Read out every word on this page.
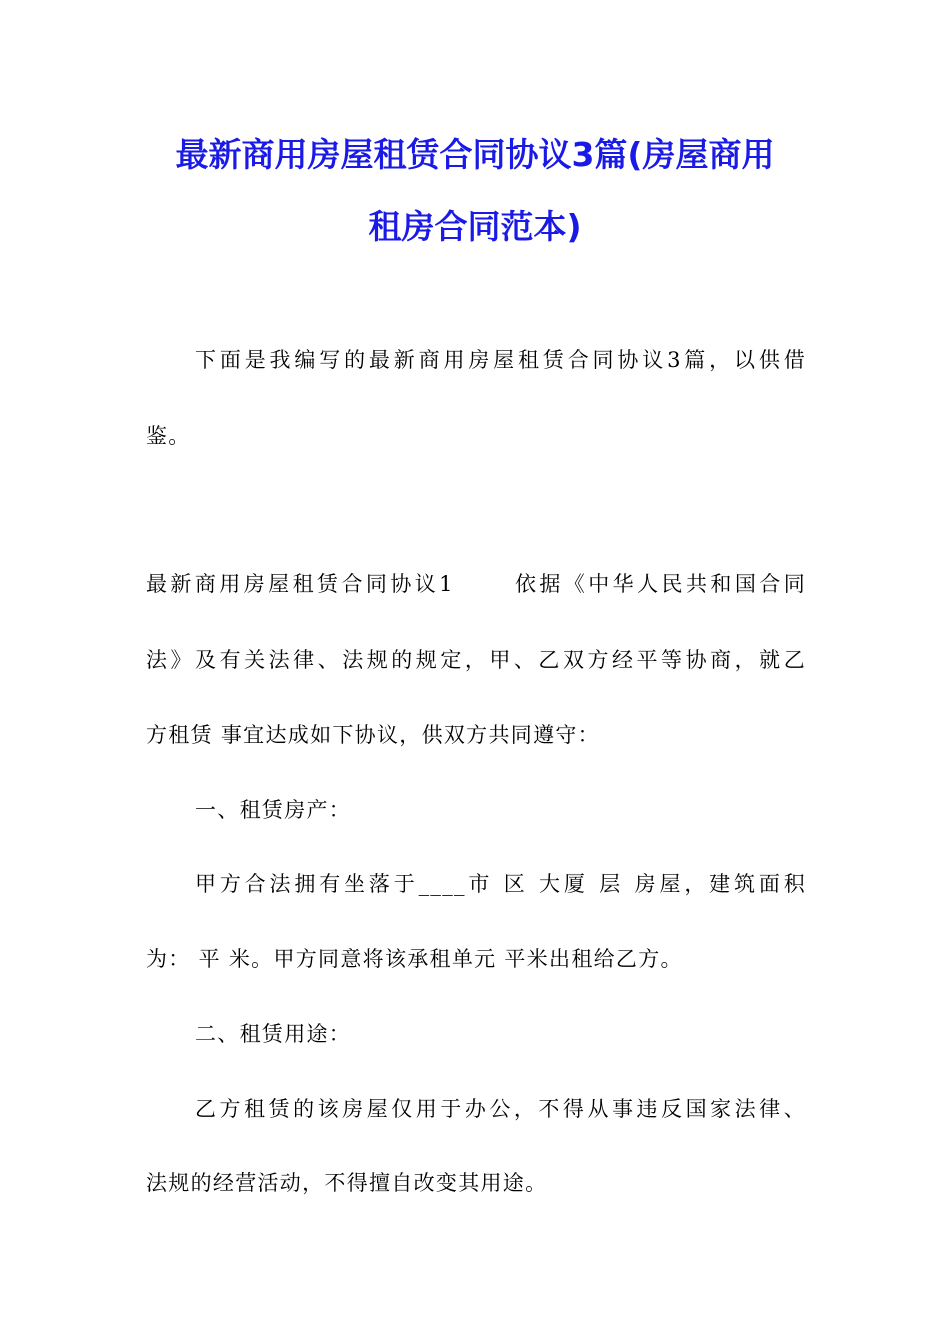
最新商用房屋租赁合同协议3篇(房屋商用
租房合同范本)

下面是我编写的最新商用房屋租赁合同协议3篇，以供借

鉴。

最新商用房屋租赁合同协议1　　 依据《中华人民共和国合同

法》及有关法律、法规的规定，甲、乙双方经平等协商，就乙

方租赁 事宜达成如下协议，供双方共同遵守：

一、租赁房产：

甲方合法拥有坐落于____市 区 大厦 层 房屋，建筑面积

为： 平 米。甲方同意将该承租单元 平米出租给乙方。

二、租赁用途：

乙方租赁的该房屋仅用于办公，不得从事违反国家法律、

法规的经营活动，不得擅自改变其用途。
